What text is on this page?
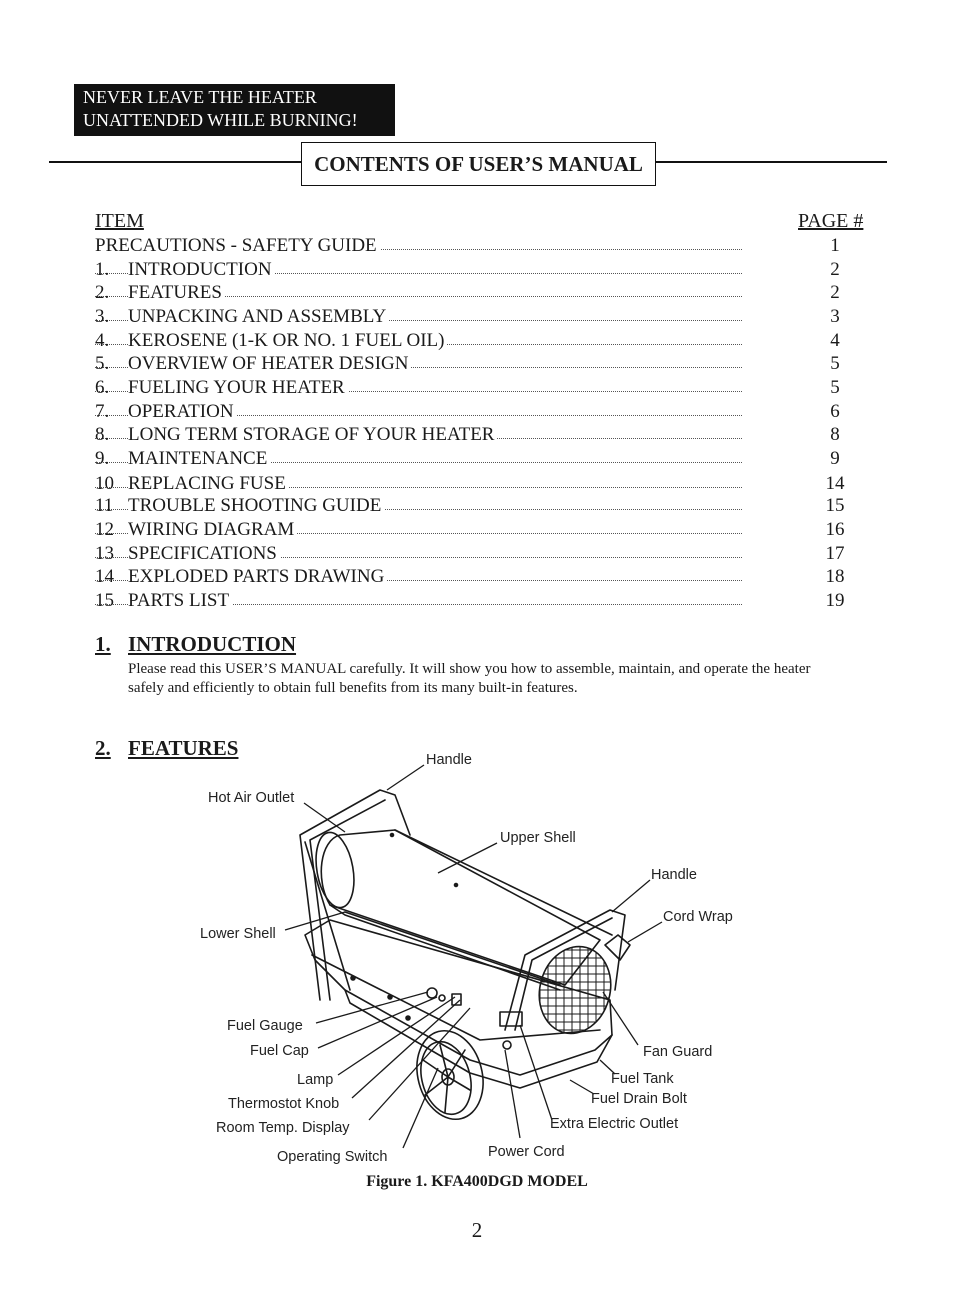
NEVER LEAVE THE HEATER
UNATTENDED WHILE BURNING!
CONTENTS OF USER’S MANUAL
ITEM	PAGE #
PRECAUTIONS - SAFETY GUIDE	1
1. INTRODUCTION	2
2. FEATURES	2
3. UNPACKING AND ASSEMBLY	3
4. KEROSENE (1-K OR NO. 1 FUEL OIL)	4
5. OVERVIEW OF HEATER DESIGN	5
6. FUELING YOUR HEATER	5
7. OPERATION	6
8. LONG TERM STORAGE OF YOUR HEATER	8
9. MAINTENANCE	9
10 REPLACING FUSE	14
11 TROUBLE SHOOTING GUIDE	15
12 WIRING DIAGRAM	16
13 SPECIFICATIONS	17
14 EXPLODED PARTS DRAWING	18
15 PARTS LIST	19
1. INTRODUCTION
Please read this USER’S MANUAL carefully. It will show you how to assemble, maintain, and operate the heater safely and efficiently to obtain full benefits from its many built-in features.
2. FEATURES	Handle
Hot Air Outlet
Upper Shell
Handle
Cord Wrap
Lower Shell
Fuel Gauge
Fuel Cap	Fan Guard
Lamp	Fuel Tank
Thermostot Knob	Fuel Drain Bolt
Room Temp. Display	Extra Electric Outlet
Power Cord
Operating Switch
Figure 1. KFA400DGD MODEL
2
